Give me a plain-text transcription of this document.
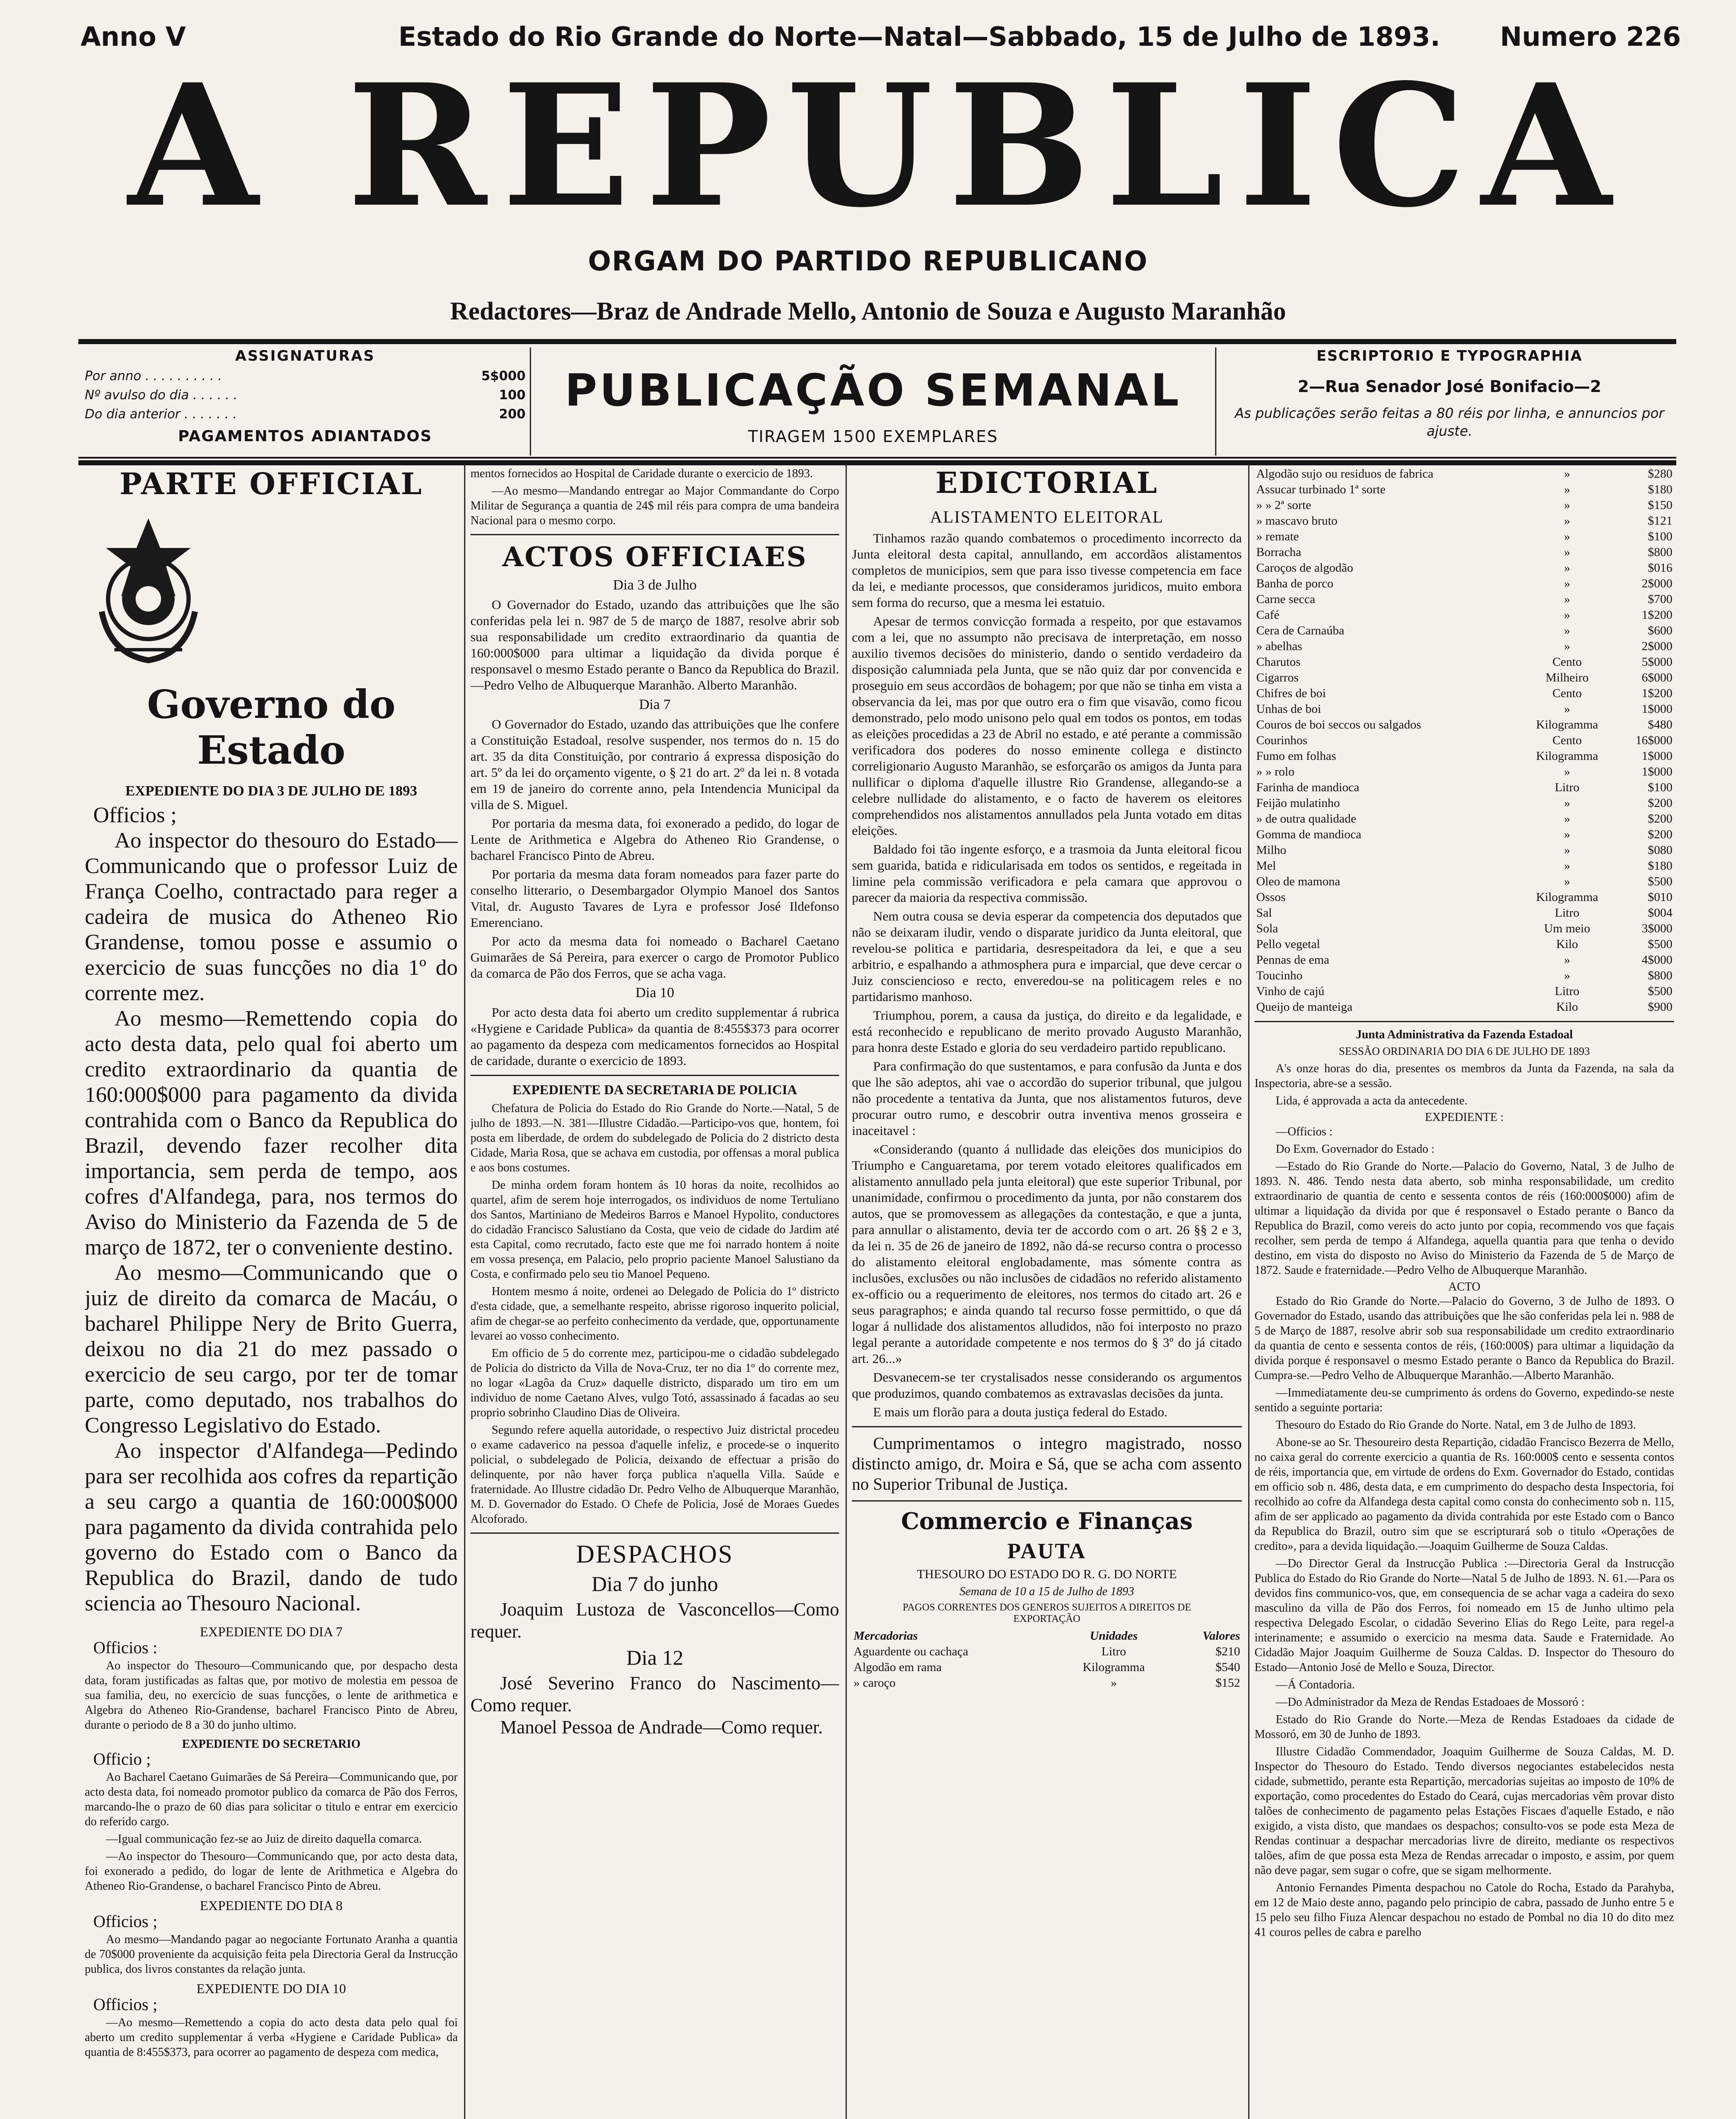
Anno V	Estado do Rio Grande do Norte—Natal—Sabbado, 15 de Julho de 1893. Numero 226
A REPUBLICA
ORGAM DO PARTIDO REPUBLICANO
Redactores—Braz de Andrade Mello, Antonio de Souza e Augusto Maranhão
ASSIGNATURAS
Por anno . . . . . . . . . .	5$000
Nº avulso do dia . . . . . .	100
Do dia anterior . . . . . . .	200
PAGAMENTOS ADIANTADOS
PUBLICAÇÃO SEMANAL
TIRAGEM 1500 EXEMPLARES
ESCRIPTORIO E TYPOGRAPHIA
2—Rua Senador José Bonifacio—2
As publicações serão feitas a 80 réis por linha, e annuncios por ajuste.
PARTE OFFICIAL
Governo do Estado
EXPEDIENTE DO DIA 3 DE JULHO DE 1893
Officios ;
Ao inspector do thesouro do Estado—Communicando que o professor Luiz de França Coelho, contractado para reger a cadeira de musica do Atheneo Rio Grandense, tomou posse e assumio o exercicio de suas funcções no dia 1º do corrente mez.
Ao mesmo—Remettendo copia do acto desta data, pelo qual foi aberto um credito extraordinario da quantia de 160:000$000 para pagamento da divida contrahida com o Banco da Republica do Brazil, devendo fazer recolher dita importancia, sem perda de tempo, aos cofres d'Alfandega, para, nos termos do Aviso do Ministerio da Fazenda de 5 de março de 1872, ter o conveniente destino.
Ao mesmo—Communicando que o juiz de direito da comarca de Macáu, o bacharel Philippe Nery de Brito Guerra, deixou no dia 21 do mez passado o exercicio de seu cargo, por ter de tomar parte, como deputado, nos trabalhos do Congresso Legislativo do Estado.
Ao inspector d'Alfandega—Pedindo para ser recolhida aos cofres da repartição a seu cargo a quantia de 160:000$000 para pagamento da divida contrahida pelo governo do Estado com o Banco da Republica do Brazil, dando de tudo sciencia ao Thesouro Nacional.
EXPEDIENTE DO DIA 7
Officios :
Ao inspector do Thesouro—Communicando que, por despacho desta data, foram justificadas as faltas que, por motivo de molestia em pessoa de sua familia, deu, no exercicio de suas funcções, o lente de arithmetica e Algebra do Atheneo Rio-Grandense, bacharel Francisco Pinto de Abreu, durante o periodo de 8 a 30 do junho ultimo.
EXPEDIENTE DO SECRETARIO
Officio ;
Ao Bacharel Caetano Guimarães de Sá Pereira—Communicando que, por acto desta data, foi nomeado promotor publico da comarca de Pão dos Ferros, marcando-lhe o prazo de 60 dias para solicitar o titulo e entrar em exercicio do referido cargo.
—Igual communicação fez-se ao Juiz de direito daquella comarca.
—Ao inspector do Thesouro—Communicando que, por acto desta data, foi exonerado a pedido, do logar de lente de Arithmetica e Algebra do Atheneo Rio-Grandense, o bacharel Francisco Pinto de Abreu.
EXPEDIENTE DO DIA 8
Officios ;
Ao mesmo—Mandando pagar ao negociante Fortunato Aranha a quantia de 70$000 proveniente da acquisição feita pela Directoria Geral da Instrucção publica, dos livros constantes da relação junta.
EXPEDIENTE DO DIA 10
Officios ;
—Ao mesmo—Remettendo a copia do acto desta data pelo qual foi aberto um credito supplementar á verba «Hygiene e Caridade Publica» da quantia de 8:455$373, para ocorrer ao pagamento de despeza com medica,
mentos fornecidos ao Hospital de Caridade durante o exercicio de 1893.
—Ao mesmo—Mandando entregar ao Major Commandante do Corpo Militar de Segurança a quantia de 24$ mil réis para compra de uma bandeira Nacional para o mesmo corpo.
ACTOS OFFICIAES
Dia 3 de Julho
O Governador do Estado, uzando das attribuições que lhe são conferidas pela lei n. 987 de 5 de março de 1887, resolve abrir sob sua responsabilidade um credito extraordinario da quantia de 160:000$000 para ultimar a liquidação da divida porque é responsavel o mesmo Estado perante o Banco da Republica do Brazil.—Pedro Velho de Albuquerque Maranhão. Alberto Maranhão.
Dia 7
O Governador do Estado, uzando das attribuições que lhe confere a Constituição Estadoal, resolve suspender, nos termos do n. 15 do art. 35 da dita Constituição, por contrario á expressa disposição do art. 5º da lei do orçamento vigente, o § 21 do art. 2º da lei n. 8 votada em 19 de janeiro do corrente anno, pela Intendencia Municipal da villa de S. Miguel.
Por portaria da mesma data, foi exonerado a pedido, do logar de Lente de Arithmetica e Algebra do Atheneo Rio Grandense, o bacharel Francisco Pinto de Abreu.
Por portaria da mesma data foram nomeados para fazer parte do conselho litterario, o Desembargador Olympio Manoel dos Santos Vital, dr. Augusto Tavares de Lyra e professor José Ildefonso Emerenciano.
Por acto da mesma data foi nomeado o Bacharel Caetano Guimarães de Sá Pereira, para exercer o cargo de Promotor Publico da comarca de Pão dos Ferros, que se acha vaga.
Dia 10
Por acto desta data foi aberto um credito supplementar á rubrica «Hygiene e Caridade Publica» da quantia de 8:455$373 para ocorrer ao pagamento da despeza com medicamentos fornecidos ao Hospital de caridade, durante o exercicio de 1893.
EXPEDIENTE DA SECRETARIA DE POLICIA
Chefatura de Policia do Estado do Rio Grande do Norte.—Natal, 5 de julho de 1893.—N. 381—Illustre Cidadão.—Participo-vos que, hontem, foi posta em liberdade, de ordem do subdelegado de Policia do 2 districto desta Cidade, Maria Rosa, que se achava em custodia, por offensas a moral publica e aos bons costumes.
De minha ordem foram hontem ás 10 horas da noite, recolhidos ao quartel, afim de serem hoje interrogados, os individuos de nome Tertuliano dos Santos, Martiniano de Medeiros Barros e Manoel Hypolito, conductores do cidadão Francisco Salustiano da Costa, que veio de cidade do Jardim até esta Capital, como recrutado, facto este que me foi narrado hontem á noite em vossa presença, em Palacio, pelo proprio paciente Manoel Salustiano da Costa, e confirmado pelo seu tio Manoel Pequeno.
Hontem mesmo á noite, ordenei ao Delegado de Policia do 1º districto d'esta cidade, que, a semelhante respeito, abrisse rigoroso inquerito policial, afim de chegar-se ao perfeito conhecimento da verdade, que, opportunamente levarei ao vosso conhecimento.
Em officio de 5 do corrente mez, participou-me o cidadão subdelegado de Policia do districto da Villa de Nova-Cruz, ter no dia 1º do corrente mez, no logar «Lagôa da Cruz» daquelle districto, disparado um tiro em um individuo de nome Caetano Alves, vulgo Totó, assassinado á facadas ao seu proprio sobrinho Claudino Dias de Oliveira.
Segundo refere aquella autoridade, o respectivo Juiz districtal procedeu o exame cadaverico na pessoa d'aquelle infeliz, e procede-se o inquerito policial, o subdelegado de Policia, deixando de effectuar a prisão do delinquente, por não haver força publica n'aquella Villa. Saúde e fraternidade. Ao Illustre cidadão Dr. Pedro Velho de Albuquerque Maranhão, M. D. Governador do Estado. O Chefe de Policia, José de Moraes Guedes Alcoforado.
DESPACHOS
Dia 7 do junho
Joaquim Lustoza de Vasconcellos—Como requer.
Dia 12
José Severino Franco do Nascimento—Como requer.
Manoel Pessoa de Andrade—Como requer.
EDICTORIAL
ALISTAMENTO ELEITORAL
Tinhamos razão quando combatemos o procedimento incorrecto da Junta eleitoral desta capital, annullando, em accordãos alistamentos completos de municipios, sem que para isso tivesse competencia em face da lei, e mediante processos, que consideramos juridicos, muito embora sem forma do recurso, que a mesma lei estatuio.
Apesar de termos convicção formada a respeito, por que estavamos com a lei, que no assumpto não precisava de interpretação, em nosso auxilio tivemos decisões do ministerio, dando o sentido verdadeiro da disposição calumniada pela Junta, que se não quiz dar por convencida e proseguio em seus accordãos de bohagem; por que não se tinha em vista a observancia da lei, mas por que outro era o fim que visavão, como ficou demonstrado, pelo modo unisono pelo qual em todos os pontos, em todas as eleições procedidas a 23 de Abril no estado, e até perante a commissão verificadora dos poderes do nosso eminente collega e distincto correligionario Augusto Maranhão, se esforçarão os amigos da Junta para nullificar o diploma d'aquelle illustre Rio Grandense, allegando-se a celebre nullidade do alistamento, e o facto de haverem os eleitores comprehendidos nos alistamentos annullados pela Junta votado em ditas eleições.
Baldado foi tão ingente esforço, e a trasmoia da Junta eleitoral ficou sem guarida, batida e ridicularisada em todos os sentidos, e regeitada in limine pela commissão verificadora e pela camara que approvou o parecer da maioria da respectiva commissão.
Nem outra cousa se devia esperar da competencia dos deputados que não se deixaram iludir, vendo o disparate juridico da Junta eleitoral, que revelou-se politica e partidaria, desrespeitadora da lei, e que a seu arbitrio, e espalhando a athmosphera pura e imparcial, que deve cercar o Juiz consciencioso e recto, enveredou-se na politicagem reles e no partidarismo manhoso.
Triumphou, porem, a causa da justiça, do direito e da legalidade, e está reconhecido e republicano de merito provado Augusto Maranhão, para honra deste Estado e gloria do seu verdadeiro partido republicano.
Para confirmação do que sustentamos, e para confusão da Junta e dos que lhe são adeptos, ahi vae o accordão do superior tribunal, que julgou não procedente a tentativa da Junta, que nos alistamentos futuros, deve procurar outro rumo, e descobrir outra inventiva menos grosseira e inaceitavel :
«Considerando (quanto á nullidade das eleições dos municipios do Triumpho e Canguaretama, por terem votado eleitores qualificados em alistamento annullado pela junta eleitoral) que este superior Tribunal, por unanimidade, confirmou o procedimento da junta, por não constarem dos autos, que se promovessem as allegações da contestação, e que a junta, para annullar o alistamento, devia ter de accordo com o art. 26 §§ 2 e 3, da lei n. 35 de 26 de janeiro de 1892, não dá-se recurso contra o processo do alistamento eleitoral englobadamente, mas sómente contra as inclusões, exclusões ou não inclusões de cidadãos no referido alistamento ex-officio ou a requerimento de eleitores, nos termos do citado art. 26 e seus paragraphos; e ainda quando tal recurso fosse permittido, o que dá logar á nullidade dos alistamentos alludidos, não foi interposto no prazo legal perante a autoridade competente e nos termos do § 3º do já citado art. 26...»
Desvanecem-se ter crystalisados nesse considerando os argumentos que produzimos, quando combatemos as extravaslas decisões da junta.
E mais um florão para a douta justiça federal do Estado.
Cumprimentamos o integro magistrado, nosso distincto amigo, dr. Moira e Sá, que se acha com assento no Superior Tribunal de Justiça.
Commercio e Finanças
PAUTA
THESOURO DO ESTADO DO R. G. DO NORTE
Semana de 10 a 15 de Julho de 1893
PAGOS CORRENTES DOS GENEROS SUJEITOS A DIREITOS DE EXPORTAÇÃO
Mercadorias	Unidades	Valores
Aguardente ou cachaça	Litro	$210
Algodão em rama	Kilogramma	$540
» caroço	»	$152
Algodão sujo ou residuos de fabrica	»	$280
Assucar turbinado 1ª sorte	»	$180
» » 2ª sorte	»	$150
» mascavo bruto	»	$121
» remate	»	$100
Borracha	»	$800
Caroços de algodão	»	$016
Banha de porco	»	2$000
Carne secca	»	$700
Café	»	1$200
Cera de Carnaúba	»	$600
» abelhas	»	2$000
Charutos	Cento	5$000
Cigarros	Milheiro	6$000
Chifres de boi	Cento	1$200
Unhas de boi	»	1$000
Couros de boi seccos ou salgados	Kilogramma	$480
Courinhos	Cento	16$000
Fumo em folhas	Kilogramma	1$000
» » rolo	»	1$000
Farinha de mandioca	Litro	$100
Feijão mulatinho	»	$200
» de outra qualidade	»	$200
Gomma de mandioca	»	$200
Milho	»	$080
Mel	»	$180
Oleo de mamona	»	$500
Ossos	Kilogramma	$010
Sal	Litro	$004
Sola	Um meio	3$000
Pello vegetal	Kilo	$500
Pennas de ema	»	4$000
Toucinho	»	$800
Vinho de cajú	Litro	$500
Queijo de manteiga	Kilo	$900
Junta Administrativa da Fazenda Estadoal
SESSÃO ORDINARIA DO DIA 6 DE JULHO DE 1893
A's onze horas do dia, presentes os membros da Junta da Fazenda, na sala da Inspectoria, abre-se a sessão.
Lida, é approvada a acta da antecedente.
EXPEDIENTE :
—Officios :
Do Exm. Governador do Estado :
—Estado do Rio Grande do Norte.—Palacio do Governo, Natal, 3 de Julho de 1893. N. 486. Tendo nesta data aberto, sob minha responsabilidade, um credito extraordinario de quantia de cento e sessenta contos de réis (160:000$000) afim de ultimar a liquidação da divida por que é responsavel o Estado perante o Banco da Republica do Brazil, como vereis do acto junto por copia, recommendo vos que façais recolher, sem perda de tempo á Alfandega, aquella quantia para que tenha o devido destino, em vista do disposto no Aviso do Ministerio da Fazenda de 5 de Março de 1872. Saude e fraternidade.—Pedro Velho de Albuquerque Maranhão.
ACTO
Estado do Rio Grande do Norte.—Palacio do Governo, 3 de Julho de 1893. O Governador do Estado, usando das attribuições que lhe são conferidas pela lei n. 988 de 5 de Março de 1887, resolve abrir sob sua responsabilidade um credito extraordinario da quantia de cento e sessenta contos de réis, (160:000$) para ultimar a liquidação da divida porque é responsavel o mesmo Estado perante o Banco da Republica do Brazil. Cumpra-se.—Pedro Velho de Albuquerque Maranhão.—Alberto Maranhão.
—Immediatamente deu-se cumprimento ás ordens do Governo, expedindo-se neste sentido a seguinte portaria:
Thesouro do Estado do Rio Grande do Norte. Natal, em 3 de Julho de 1893.
Abone-se ao Sr. Thesoureiro desta Repartição, cidadão Francisco Bezerra de Mello, no caixa geral do corrente exercicio a quantia de Rs. 160:000$ cento e sessenta contos de réis, importancia que, em virtude de ordens do Exm. Governador do Estado, contidas em officio sob n. 486, desta data, e em cumprimento do despacho desta Inspectoria, foi recolhido ao cofre da Alfandega desta capital como consta do conhecimento sob n. 115, afim de ser applicado ao pagamento da divida contrahida por este Estado com o Banco da Republica do Brazil, outro sim que se escripturará sob o titulo «Operações de credito», para a devida liquidação.—Joaquim Guilherme de Souza Caldas.
—Do Director Geral da Instrucção Publica :—Directoria Geral da Instrucção Publica do Estado do Rio Grande do Norte—Natal 5 de Julho de 1893. N. 61.—Para os devidos fins communico-vos, que, em consequencia de se achar vaga a cadeira do sexo masculino da villa de Pão dos Ferros, foi nomeado em 15 de Junho ultimo pela respectiva Delegado Escolar, o cidadão Severino Elias do Rego Leite, para regel-a interinamente; e assumido o exercicio na mesma data. Saude e Fraternidade. Ao Cidadão Major Joaquim Guilherme de Souza Caldas. D. Inspector do Thesouro do Estado—Antonio José de Mello e Souza, Director.
—Á Contadoria.
—Do Administrador da Meza de Rendas Estadoaes de Mossoró :
Estado do Rio Grande do Norte.—Meza de Rendas Estadoaes da cidade de Mossoró, em 30 de Junho de 1893.
Illustre Cidadão Commendador, Joaquim Guilherme de Souza Caldas, M. D. Inspector do Thesouro do Estado. Tendo diversos negociantes estabelecidos nesta cidade, submettido, perante esta Repartição, mercadorias sujeitas ao imposto de 10% de exportação, como procedentes do Estado do Ceará, cujas mercadorias vêm provar disto talões de conhecimento de pagamento pelas Estações Fiscaes d'aquelle Estado, e não exigido, a vista disto, que mandaes os despachos; consulto-vos se pode esta Meza de Rendas continuar a despachar mercadorias livre de direito, mediante os respectivos talões, afim de que possa esta Meza de Rendas arrecadar o imposto, e assim, por quem não deve pagar, sem sugar o cofre, que se sigam melhormente.
Antonio Fernandes Pimenta despachou no Catole do Rocha, Estado da Parahyba, em 12 de Maio deste anno, pagando pelo principio de cabra, passado de Junho entre 5 e 15 pelo seu filho Fiuza Alencar despachou no estado de Pombal no dia 10 do dito mez 41 couros pelles de cabra e parelho
